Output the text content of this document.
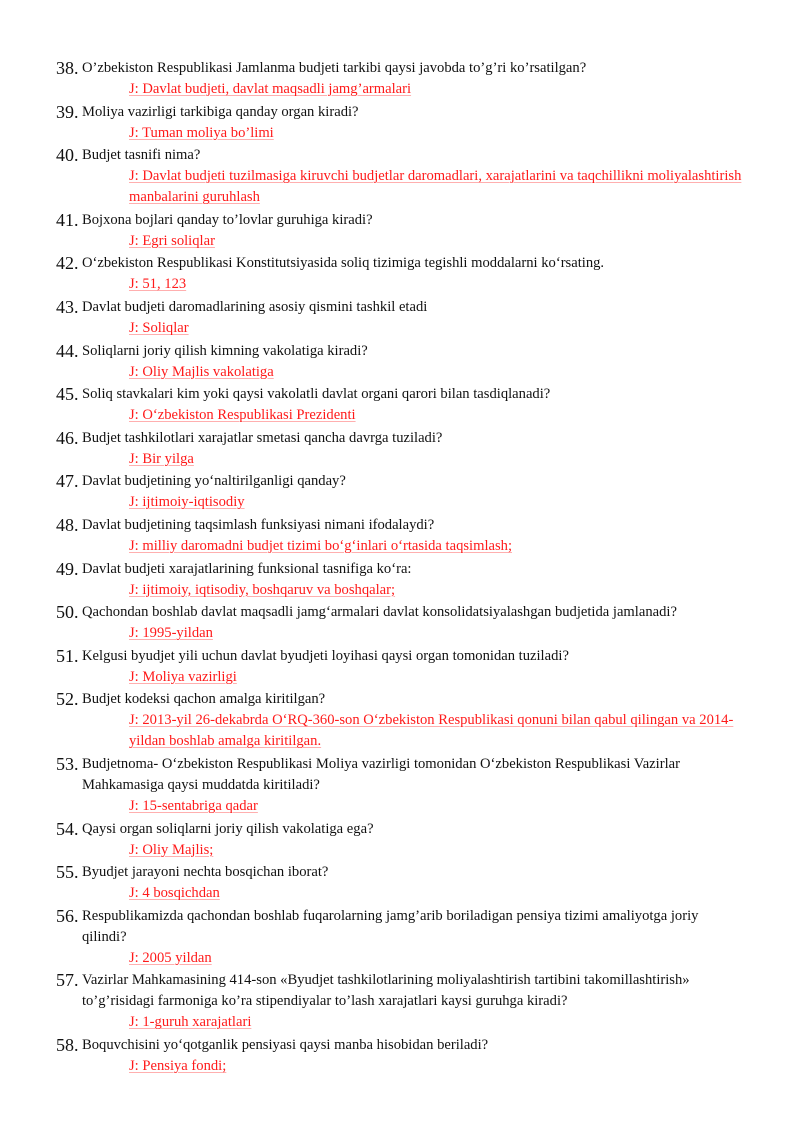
38. O’zbekiston Respublikasi Jamlanma budjeti tarkibi qaysi javobda to’g’ri ko’rsatilgan?
J: Davlat budjeti, davlat maqsadli jamg’armalari
39. Moliya vazirligi tarkibiga qanday organ kiradi?
J: Tuman moliya bo’limi
40. Budjet tasnifi nima?
J: Davlat budjeti tuzilmasiga kiruvchi budjetlar daromadlari, xarajatlarini va taqchillikni moliyalashtirish manbalarini guruhlash
41. Bojxona bojlari qanday to’lovlar guruhiga kiradi?
J: Egri soliqlar
42. O‘zbekiston Respublikasi Konstitutsiyasida soliq tizimiga tegishli moddalarni ko‘rsating.
J: 51, 123
43. Davlat budjeti daromadlarining asosiy qismini tashkil etadi
J: Soliqlar
44. Soliqlarni joriy qilish kimning vakolatiga kiradi?
J: Oliy Majlis vakolatiga
45. Soliq stavkalari kim yoki qaysi vakolatli davlat organi qarori bilan tasdiqlanadi?
J: O‘zbekiston Respublikasi Prezidenti
46. Budjet tashkilotlari xarajatlar smetasi qancha davrga tuziladi?
J: Bir yilga
47. Davlat budjetining yo‘naltirilganligi qanday?
J: ijtimoiy-iqtisodiy
48. Davlat budjetining taqsimlash funksiyasi nimani ifodalaydi?
J: milliy daromadni budjet tizimi bo‘g‘inlari o‘rtasida taqsimlash;
49. Davlat budjeti xarajatlarining funksional tasnifiga ko‘ra:
J: ijtimoiy, iqtisodiy, boshqaruv va boshqalar;
50. Qachondan boshlab davlat maqsadli jamg‘armalari davlat konsolidatsiyalashgan budjetida jamlanadi?
J: 1995-yildan
51. Kelgusi byudjet yili uchun davlat byudjeti loyihasi qaysi organ tomonidan tuziladi?
J: Moliya vazirligi
52. Budjet kodeksi qachon amalga kiritilgan?
J: 2013-yil 26-dekabrda O‘RQ-360-son O‘zbekiston Respublikasi qonuni bilan qabul qilingan va 2014-yildan boshlab amalga kiritilgan.
53. Budjetnoma- O‘zbekiston Respublikasi Moliya vazirligi tomonidan O‘zbekiston Respublikasi Vazirlar Mahkamasiga qaysi muddatda kiritiladi?
J: 15-sentabriga qadar
54. Qaysi organ soliqlarni joriy qilish vakolatiga ega?
J: Oliy Majlis;
55. Byudjet jarayoni nechta bosqichan iborat?
J: 4 bosqichdan
56. Respublikamizda qachondan boshlab fuqarolarning jamg’arib boriladigan pensiya tizimi amaliyotga joriy qilindi?
J: 2005 yildan
57. Vazirlar Mahkamasining 414-son «Byudjet tashkilotlarining moliyalashtirish tartibini takomillashtirish» to’g’risidagi farmoniga ko’ra stipendiyalar to’lash xarajatlari kaysi guruhga kiradi?
J: 1-guruh xarajatlari
58. Boquvchisini yo‘qotganlik pensiyasi qaysi manba hisobidan beriladi?
J: Pensiya fondi;
